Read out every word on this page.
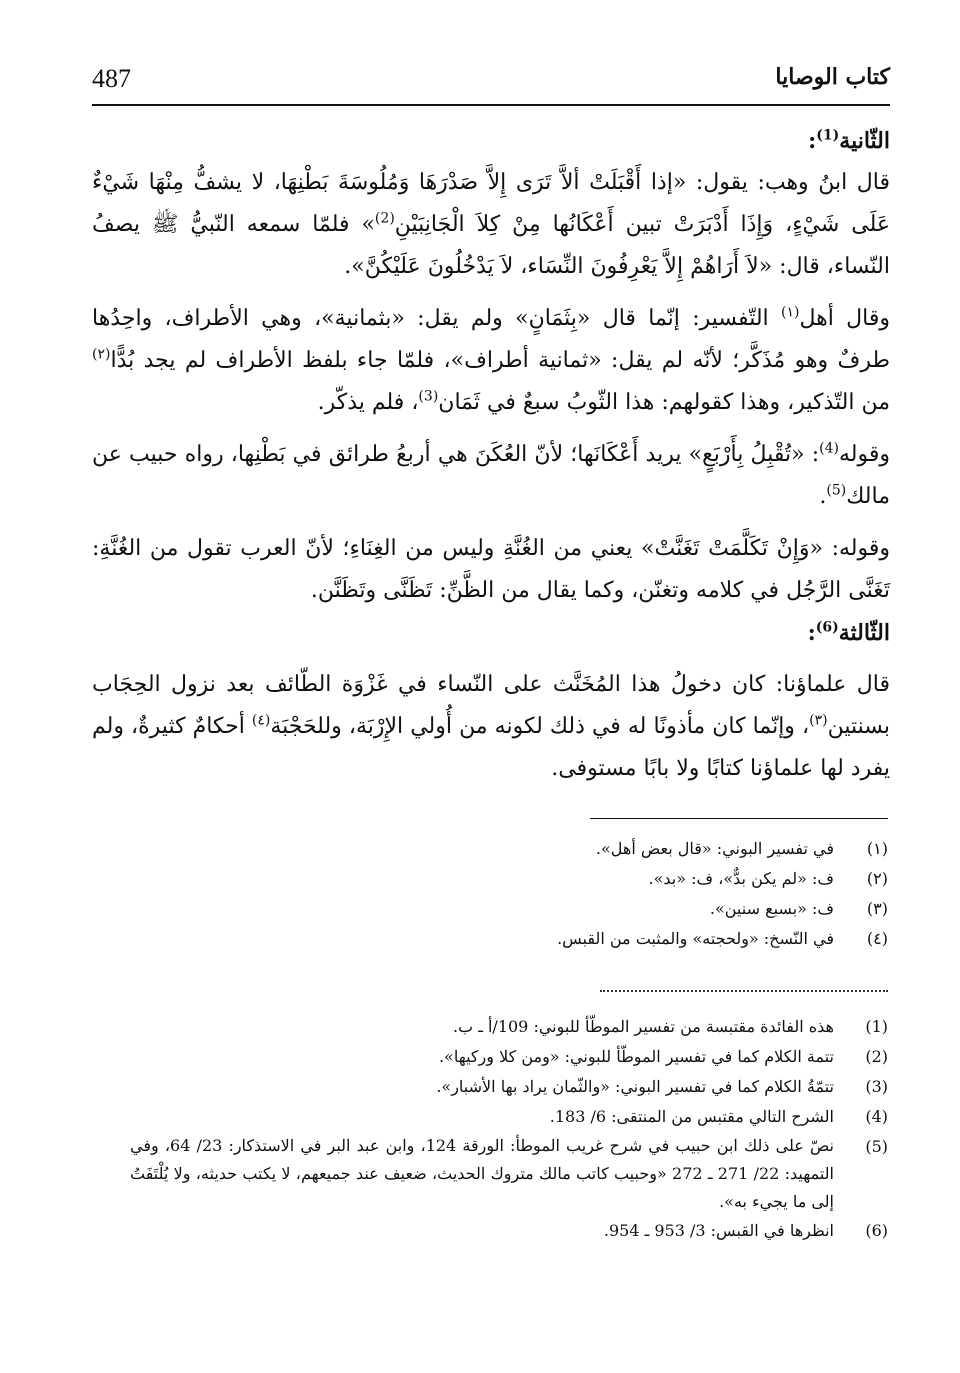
487	كتاب الوصايا

الثّانية$^{(1)}$:

قال ابنُ وهب: يقول: «إذا أَقْبَلَتْ ألاَّ تَرَى إِلاَّ صَدْرَهَا وَمُلُوسَةَ بَطْنِهَا، لا يشفُّ مِنْهَا شَيْءٌ عَلَى شَيْءٍ، وَإِذَا أَدْبَرَتْ تبين أَعْكَانُها مِنْ كِلاَ الْجَانِبَيْنِ$^{(2)}$» فلمّا سمعه النّبيُّ ﷺ يصفُ النّساء، قال: «لاَ أَرَاهُمْ إِلاَّ يَعْرِفُونَ النِّسَاء، لاَ يَدْخُلُونَ عَلَيْكُنَّ».

وقال أهل$^{(١)}$ التّفسير: إنّما قال «بِثَمَانٍ» ولم يقل: «بثمانية»، وهي الأطراف، واحِدُها طرفٌ وهو مُذَكَّر؛ لأنّه لم يقل: «ثمانية أطراف»، فلمّا جاء بلفظ الأطراف لم يجد بُدًّا$^{(٢)}$ من التّذكير، وهذا كقولهم: هذا الثّوبُ سبعٌ في ثَمَان$^{(3)}$، فلم يذكّر.

وقوله$^{(4)}$: «تُقْبِلُ بِأَرْبَعٍ» يريد أَعْكَانَها؛ لأنّ العُكَنَ هي أربعُ طرائق في بَطْنِها، رواه حبيب عن مالك$^{(5)}$.

وقوله: «وَإِنْ تَكَلَّمَتْ تَغَنَّتْ» يعني من الغُنَّةِ وليس من الغِنَاءِ؛ لأنّ العرب تقول من الغُنَّةِ: تَغَنَّى الرَّجُل في كلامه وتغنّن، وكما يقال من الظَّنِّ: تَظَنَّى وتَظَنَّن.

الثّالثة$^{(6)}$:

قال علماؤنا: كان دخولُ هذا المُخَنَّث على النّساء في غَزْوَة الطّائف بعد نزول الحِجَاب بسنتين$^{(٣)}$، وإنّما كان مأذونًا له في ذلك لكونه من أُولي الإِرْبَة، وللحَجْبَة$^{(٤)}$ أحكامٌ كثيرةٌ، ولم يفرد لها علماؤنا كتابًا ولا بابًا مستوفى.

(١)
في تفسير البوني: «قال بعض أهل».
(٢)
ف: «لم يكن بدٌّ»، ف: «بد».
(٣)
ف: «بسبع سنين».
(٤)
في النّسخ: «ولحجته» والمثبت من القبس.
(1)
هذه الفائدة مقتبسة من تفسير الموطّأ للبوني: 109/أ ـ ب.
(2)
تتمة الكلام كما في تفسير الموطّأ للبوني: «ومن كلا وركيها».
(3)
تتمّةُ الكلام كما في تفسير البوني: «والثّمان يراد بها الأشبار».
(4)
الشرح التالي مقتبس من المنتقى: 6/ 183.
(5)
نصّ على ذلك ابن حبيب في شرح غريب الموطأ: الورقة 124، وابن عبد البر في الاستذكار: 23/ 64، وفي التمهيد: 22/ 271 ـ 272 «وحبيب كاتب مالك متروك الحديث، ضعيف عند جميعهم، لا يكتب حديثه، ولا يُلْتَفَتُ إلى ما يجيء به».
(6)
انظرها في القبس: 3/ 953 ـ 954.
